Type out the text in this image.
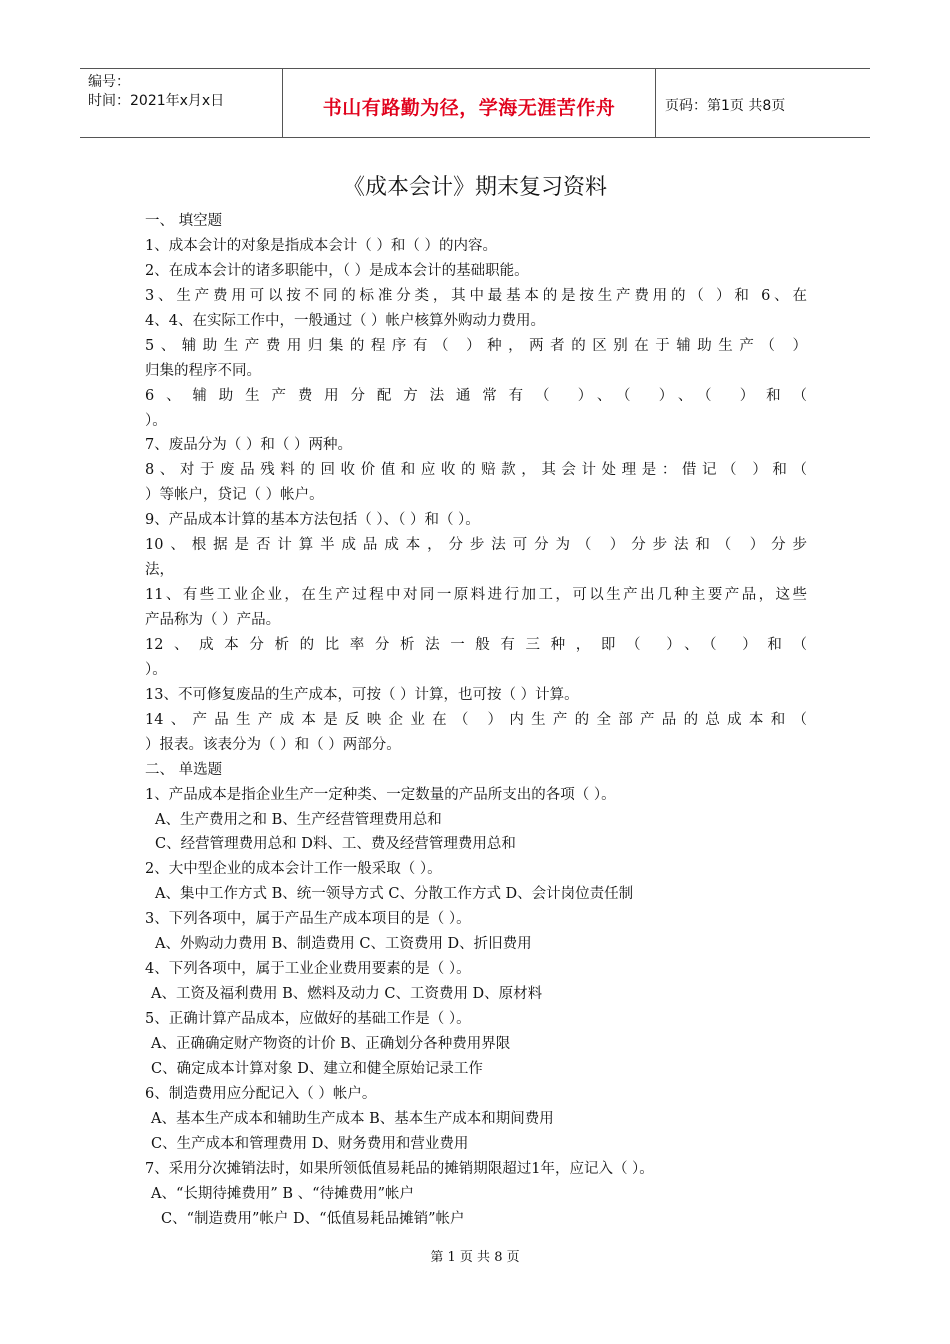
编号：
时间：2021年x月x日	书山有路勤为径，学海无涯苦作舟	页码：第1页 共8页
《成本会计》期末复习资料
一、 填空题
1、成本会计的对象是指成本会计（ ）和（ ）的内容。
2、在成本会计的诸多职能中，（ ）是成本会计的基础职能。
3、生产费用可以按不同的标准分类，其中最基本的是按生产费用的（ ）和 6、在
4、4、在实际工作中，一般通过（ ）帐户核算外购动力费用。
5、辅助生产费用归集的程序有（ ）种，两者的区别在于辅助生产（ ）
归集的程序不同。
6、辅助生产费用分配方法通常有（ ）、（ ）、（ ）和（
）。
7、废品分为（ ）和（ ）两种。
8、对于废品残料的回收价值和应收的赔款，其会计处理是：借记（ ）和（
）等帐户，贷记（ ）帐户。
9、产品成本计算的基本方法包括（ ）、（ ）和（ ）。
10、根据是否计算半成品成本，分步法可分为（ ）分步法和（ ）分步
法，
11、有些工业企业，在生产过程中对同一原料进行加工，可以生产出几种主要产品，这些
产品称为（ ）产品。
12、成本分析的比率分析法一般有三种，即（ ）、（ ）和（
）。
13、不可修复废品的生产成本，可按（ ）计算，也可按（ ）计算。
14、产品生产成本是反映企业在（ ）内生产的全部产品的总成本和（
）报表。该表分为（ ）和（ ）两部分。
二、 单选题
1、产品成本是指企业生产一定种类、一定数量的产品所支出的各项（ ）。
A、生产费用之和 B、生产经营管理费用总和
C、经营管理费用总和 D料、工、费及经营管理费用总和
2、大中型企业的成本会计工作一般采取（ ）。
A、集中工作方式 B、统一领导方式 C、分散工作方式 D、会计岗位责任制
3、下列各项中，属于产品生产成本项目的是（ ）。
A、外购动力费用 B、制造费用 C、工资费用 D、折旧费用
4、下列各项中，属于工业企业费用要素的是（ ）。
A、工资及福利费用 B、燃料及动力 C、工资费用 D、原材料
5、正确计算产品成本，应做好的基础工作是（ ）。
A、正确确定财产物资的计价 B、正确划分各种费用界限
C、确定成本计算对象 D、建立和健全原始记录工作
6、制造费用应分配记入（ ）帐户。
A、基本生产成本和辅助生产成本 B、基本生产成本和期间费用
C、生产成本和管理费用 D、财务费用和营业费用
7、采用分次摊销法时，如果所领低值易耗品的摊销期限超过1年，应记入（ ）。
A、“长期待摊费用” B 、“待摊费用”帐户
C、“制造费用”帐户 D、“低值易耗品摊销”帐户
第 1 页 共 8 页
